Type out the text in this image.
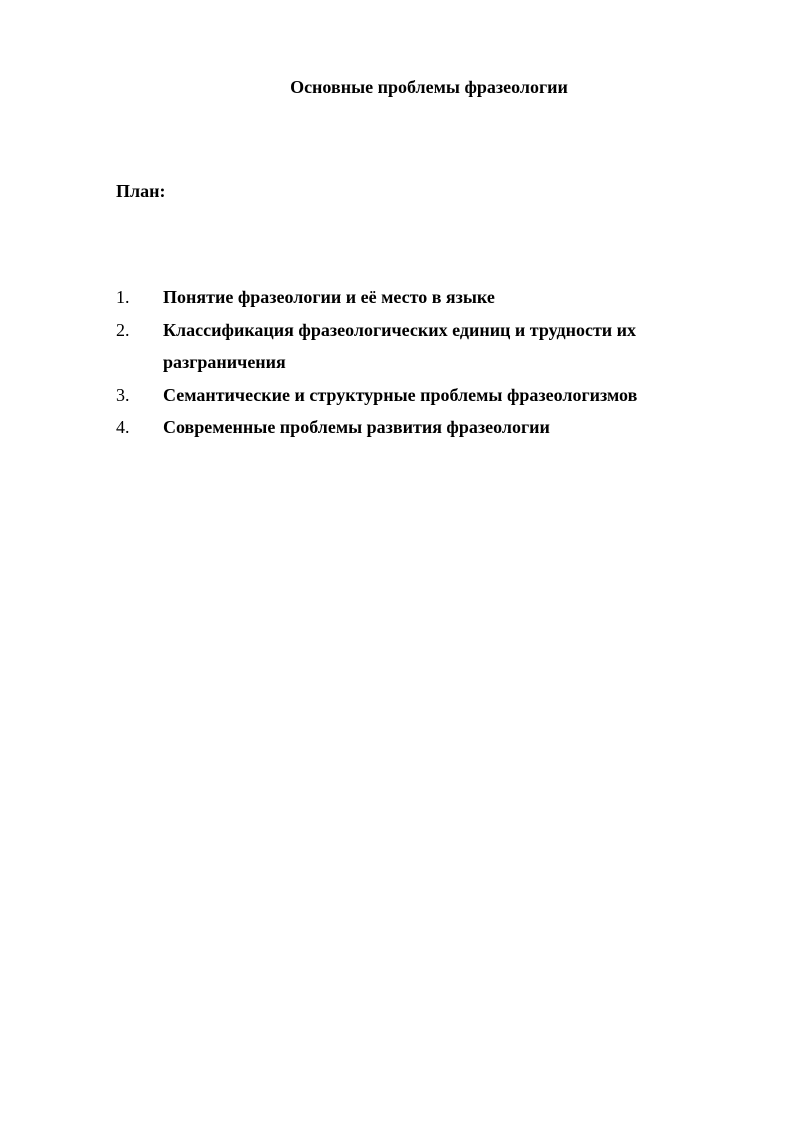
Основные проблемы фразеологии
План:
1.	Понятие фразеологии и её место в языке
2.	Классификация фразеологических единиц и трудности их разграничения
3.	Семантические и структурные проблемы фразеологизмов
4.	Современные проблемы развития фразеологии
